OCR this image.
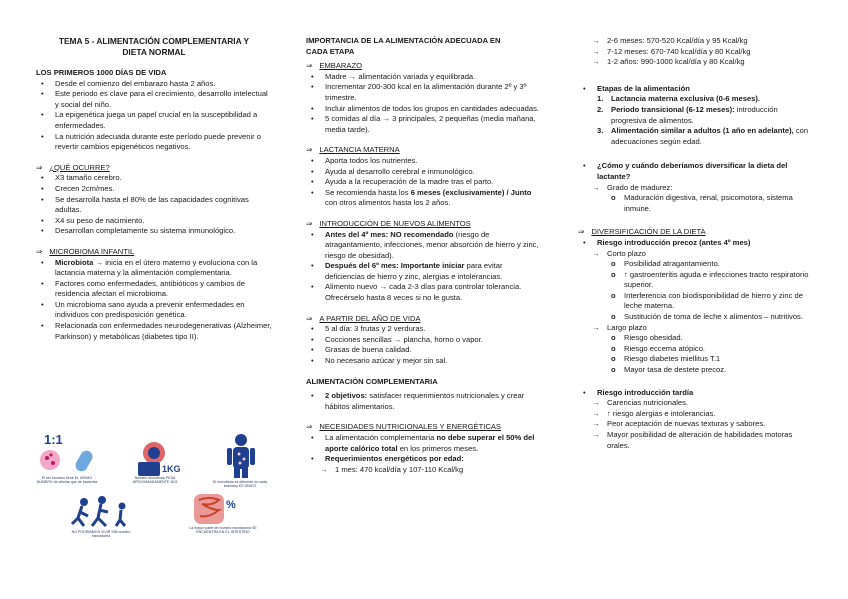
TEMA 5 - ALIMENTACIÓN COMPLEMENTARIA Y
DIETA NORMAL
LOS PRIMEROS 1000 DÍAS DE VIDA
• Desde el comienzo del embarazo hasta 2 años.
• Este periodo es clave para el crecimiento, desarrollo intelectual y social del niño.
• La epigenética juega un papel crucial en la susceptibilidad a enfermedades.
• La nutrición adecuada durante este período puede prevenir o revertir cambios epigenéticos negativos.
⇒ ¿QUÉ OCURRE?
• X3 tamaño cerebro.
• Crecen 2cm/mes.
• Se desarrolla hasta el 80% de las capacidades cognitivas adultas.
• X4 su peso de nacimiento.
• Desarrollan completamente su sistema inmunológico.
⇒ MICROBIOMA INFANTIL
• Microbiota → inicia en el útero materno y evoluciona con la lactancia materna y la alimentación complementaria.
• Factores como enfermedades, antibióticos y cambios de residencia afectan el microbioma.
• Un microbioma sano ayuda a prevenir enfermedades en individuos con predisposición genética.
• Relacionada con enfermedades neurodegenerativas (Alzheimer, Parkinson) y metabólicas (diabetes tipo II).
1:1
1KG
%
El ser humano tiene EL MISMO NÚMERO de células que de bacterias
Nuestro microbiota PESA APROXIMADAMENTE 1KG	El microbiota es diferente en cada individuo ES ÚNICO
NO PODRÍAMOS VIVIR SIN nuestro microbioma
La mayor parte de nuestro microbioma SE ENCUENTRA EN EL INTESTINO
IMPORTANCIA DE LA ALIMENTACIÓN ADECUADA EN
CADA ETAPA
⇒ EMBARAZO
• Madre → alimentación variada y equilibrada.
• Incrementar 200-300 kcal en la alimentación durante 2º y 3º trimestre.
• Incluir alimentos de todos los grupos en cantidades adecuadas.
• 5 comidas al día → 3 principales, 2 pequeñas (media mañana, media tarde).
⇒ LACTANCIA MATERNA
• Aporta todos los nutrientes.
• Ayuda al desarrollo cerebral e inmunológico.
• Ayuda a la recuperación de la madre tras el parto.
• Se recomienda hasta los 6 meses (exclusivamente) / Junto con otros alimentos hasta los 2 años.
⇒ INTRODUCCIÓN DE NUEVOS ALIMENTOS
• Antes del 4º mes: NO recomendado (riesgo de atragantamiento, infecciones, menor absorción de hierro y zinc, riesgo de obesidad).
• Después del 6º mes: Importante iniciar para evitar deficiencias de hierro y zinc, alergias e intolerancias.
• Alimento nuevo → cada 2-3 días para controlar tolerancia. Ofrecérselo hasta 8 veces si no le gusta.
⇒ A PARTIR DEL AÑO DE VIDA
• 5 al día: 3 frutas y 2 verduras.
• Cocciones sencillas → plancha, horno o vapor.
• Grasas de buena calidad.
• No necesario azúcar y mejor sin sal.
ALIMENTACIÓN COMPLEMENTARIA
• 2 objetivos: satisfacer requerimientos nutricionales y crear hábitos alimentarios.
⇒ NECESIDADES NUTRICIONALES Y ENERGÉTICAS
• La alimentación complementaria no debe superar el 50% del aporte calórico total en los primeros meses.
• Requerimientos energéticos por edad:
→ 1 mes: 470 kcal/día y 107-110 Kcal/kg
→ 2-6 meses: 570-520 Kcal/día y 95 Kcal/kg
→ 7-12 meses: 670-740 kcal/día y 80 Kcal/kg
→ 1-2 años: 990-1000 kcal/día y 80 Kcal/kg
• Etapas de la alimentación
1.	Lactancia materna exclusiva (0-6 meses).
2.	Periodo transicional (6-12 meses): introducción progresiva de alimentos.
3.	Alimentación similar a adultos (1 año en adelante), con adecuaciones según edad.
• ¿Cómo y cuándo deberíamos diversificar la dieta del lactante?
→ Grado de madurez:
o Maduración digestiva, renal, psicomotora, sistema inmune.
⇒ DIVERSIFICACIÓN DE LA DIETA
• Riesgo introducción precoz (antes 4º mes)
→ Corto plazo
o Posibilidad atragantamiento.
o ↑ gastroenteritis aguda e infecciones tracto respiratorio superior.
o Interferencia con biodisponibilidad de hierro y zinc de leche materna.
o Sustitución de toma de leche x alimentos – nutritivos.
→ Largo plazo
o Riesgo obesidad.
o Riesgo eccema atópico.
o Riesgo diabetes miellitus T.1
o Mayor tasa de destete precoz.
• Riesgo introducción tardía
→ Carencias nutricionales.
→ ↑ riesgo alergias e intolerancias.
→ Peor aceptación de nuevas texturas y sabores.
→ Mayor posibilidad de alteración de habilidades motoras orales.
